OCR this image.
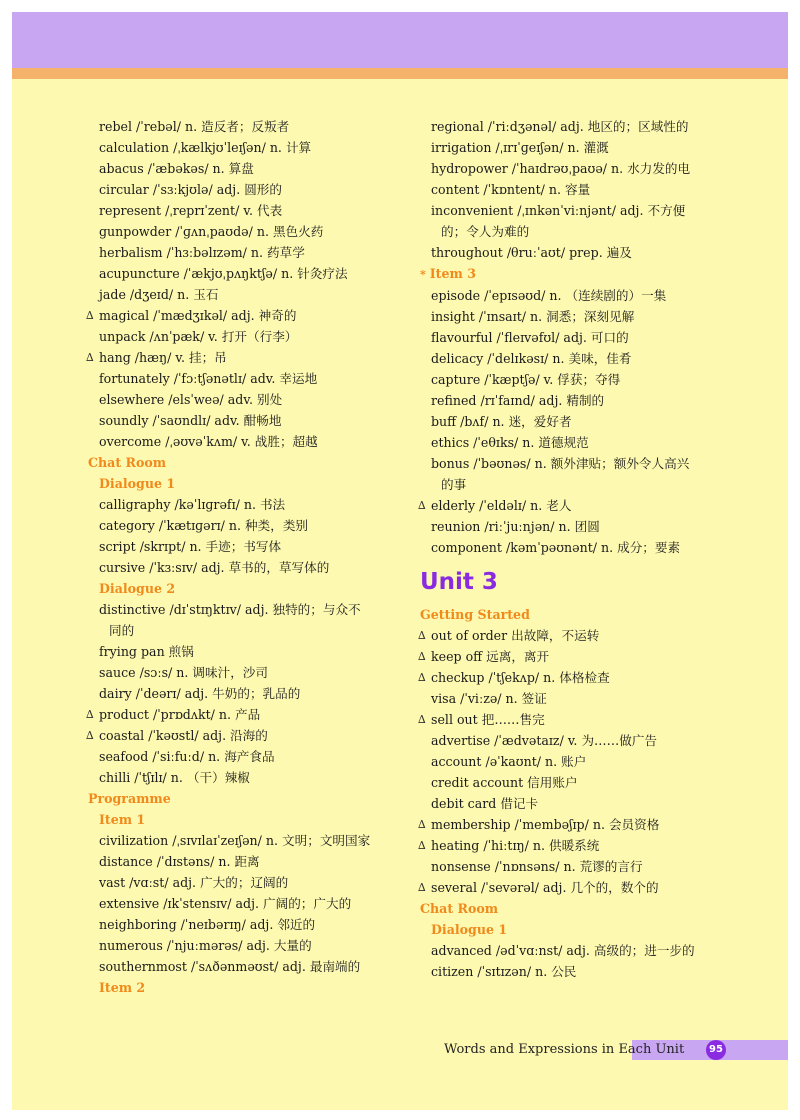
rebel /ˈrebəl/ n. 造反者；反叛者
calculation /ˌkælkjʊˈleɪʃən/ n. 计算
abacus /ˈæbəkəs/ n. 算盘
circular /ˈsɜːkjʊlə/ adj. 圆形的
represent /ˌreprɪˈzent/ v. 代表
gunpowder /ˈɡʌnˌpaʊdə/ n. 黑色火药
herbalism /ˈhɜːbəlɪzəm/ n. 药草学
acupuncture /ˈækjʊˌpʌŋktʃə/ n. 针灸疗法
jade /dʒeɪd/ n. 玉石
∆ magical /ˈmædʒɪkəl/ adj. 神奇的
unpack /ʌnˈpæk/ v. 打开（行李）
∆ hang /hæŋ/ v. 挂；吊
fortunately /ˈfɔːtʃənətlɪ/ adv. 幸运地
elsewhere /elsˈweə/ adv. 别处
soundly /ˈsaʊndlɪ/ adv. 酣畅地
overcome /ˌəʊvəˈkʌm/ v. 战胜；超越
Chat Room
Dialogue 1
calligraphy /kəˈlɪɡrəfɪ/ n. 书法
category /ˈkætɪɡərɪ/ n. 种类，类别
script /skrɪpt/ n. 手迹；书写体
cursive /ˈkɜːsɪv/ adj. 草书的，草写体的
Dialogue 2
distinctive /dɪˈstɪŋktɪv/ adj. 独特的；与众不
同的
frying pan 煎锅
sauce /sɔːs/ n. 调味汁，沙司
dairy /ˈdeərɪ/ adj. 牛奶的；乳品的
∆ product /ˈprɒdʌkt/ n. 产品
∆ coastal /ˈkəʊstl/ adj. 沿海的
seafood /ˈsiːfuːd/ n. 海产食品
chilli /ˈtʃɪlɪ/ n. （干）辣椒
Programme
Item 1
civilization /ˌsɪvɪlaɪˈzeɪʃən/ n. 文明；文明国家
distance /ˈdɪstəns/ n. 距离
vast /vɑːst/ adj. 广大的；辽阔的
extensive /ɪkˈstensɪv/ adj. 广阔的；广大的
neighboring /ˈneɪbərɪŋ/ adj. 邻近的
numerous /ˈnjuːmərəs/ adj. 大量的
southernmost /ˈsʌðənməʊst/ adj. 最南端的
Item 2
regional /ˈriːdʒənəl/ adj. 地区的；区域性的
irrigation /ˌɪrɪˈɡeɪʃən/ n. 灌溉
hydropower /ˈhaɪdrəʊˌpaʊə/ n. 水力发的电
content /ˈkɒntent/ n. 容量
inconvenient /ˌɪnkənˈviːnjənt/ adj. 不方便
的；令人为难的
throughout /θruːˈaʊt/ prep. 遍及
* Item 3
episode /ˈepɪsəʊd/ n. （连续剧的）一集
insight /ˈɪnsaɪt/ n. 洞悉；深刻见解
flavourful /ˈfleɪvəfʊl/ adj. 可口的
delicacy /ˈdelɪkəsɪ/ n. 美味，佳肴
capture /ˈkæptʃə/ v. 俘获；夺得
refined /rɪˈfaɪnd/ adj. 精制的
buff /bʌf/ n. 迷，爱好者
ethics /ˈeθɪks/ n. 道德规范
bonus /ˈbəʊnəs/ n. 额外津贴；额外令人高兴
的事
∆ elderly /ˈeldəlɪ/ n. 老人
reunion /riːˈjuːnjən/ n. 团圆
component /kəmˈpəʊnənt/ n. 成分；要素
Unit 3
Getting Started
∆ out of order 出故障，不运转
∆ keep off 远离，离开
∆ checkup /ˈtʃekʌp/ n. 体格检查
visa /ˈviːzə/ n. 签证
∆ sell out 把……售完
advertise /ˈædvətaɪz/ v. 为……做广告
account /əˈkaʊnt/ n. 账户
credit account 信用账户
debit card 借记卡
∆ membership /ˈmembəʃɪp/ n. 会员资格
∆ heating /ˈhiːtɪŋ/ n. 供暖系统
nonsense /ˈnɒnsəns/ n. 荒谬的言行
∆ several /ˈsevərəl/ adj. 几个的，数个的
Chat Room
Dialogue 1
advanced /ədˈvɑːnst/ adj. 高级的；进一步的
citizen /ˈsɪtɪzən/ n. 公民
Words and Expressions in Each Unit	95
